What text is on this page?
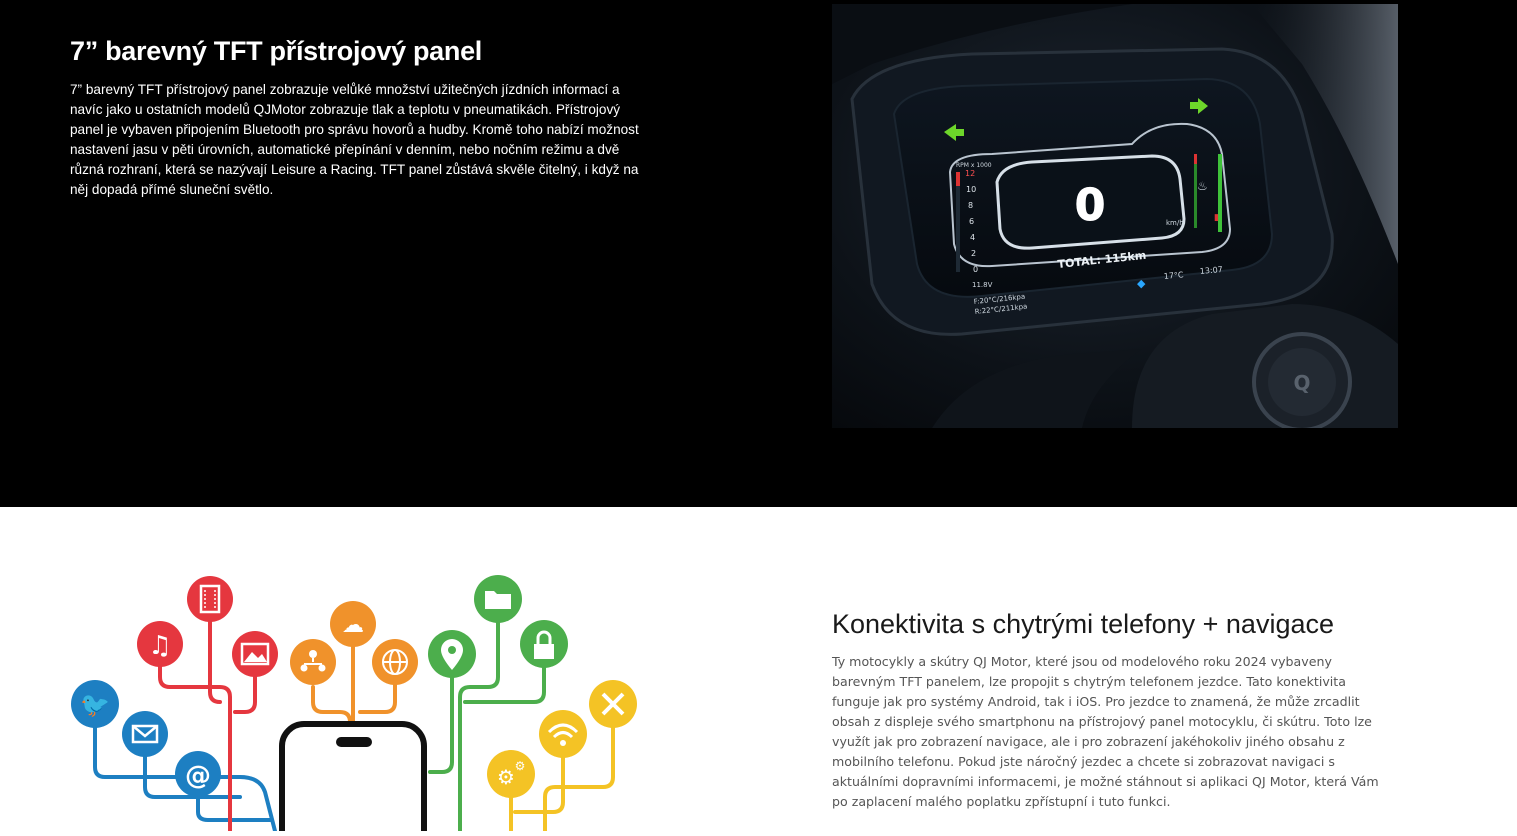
7” barevný TFT přístrojový panel

7” barevný TFT přístrojový panel zobrazuje velůké množství užitečných jízdních informací a navíc jako u ostatních modelů QJMotor zobrazuje tlak a teplotu v pneumatikách. Přístrojový panel je vybaven připojením Bluetooth pro správu hovorů a hudby. Kromě toho nabízí možnost nastavení jasu v pěti úrovních, automatické přepínání v denním, nebo nočním režimu a dvě různá rozhraní, která se nazývají Leisure a Racing. TFT panel zůstává skvěle čitelný, i když na něj dopadá přímé sluneční světlo.

RPM x 1000
12
10
8
6
4
2
0
11.8V
0	km/h
♨
▮
TOTAL: 115km
◆
17°C 13:07
F:20°C/216kpa
R:22°C/211kpa
Q
Konektivita s chytrými telefony + navigace

Ty motocykly a skútry QJ Motor, které jsou od modelového roku 2024 vybaveny barevným TFT panelem, lze propojit s chytrým telefonem jezdce. Tato konektivita funguje jak pro systémy Android, tak i iOS. Pro jezdce to znamená, že může zrcadlit obsah z displeje svého smartphonu na přístrojový panel motocyklu, či skútru. Toto lze využít jak pro zobrazení navigace, ale i pro zobrazení jakéhokoliv jiného obsahu z mobilního telefonu. Pokud jste náročný jezdec a chcete si zobrazovat navigaci s aktuálními dopravními informacemi, je možné stáhnout si aplikaci QJ Motor, která Vám po zaplacení malého poplatku zpřístupní i tuto funkci.

🐦
@
♫
☁
⚙ ⚙
